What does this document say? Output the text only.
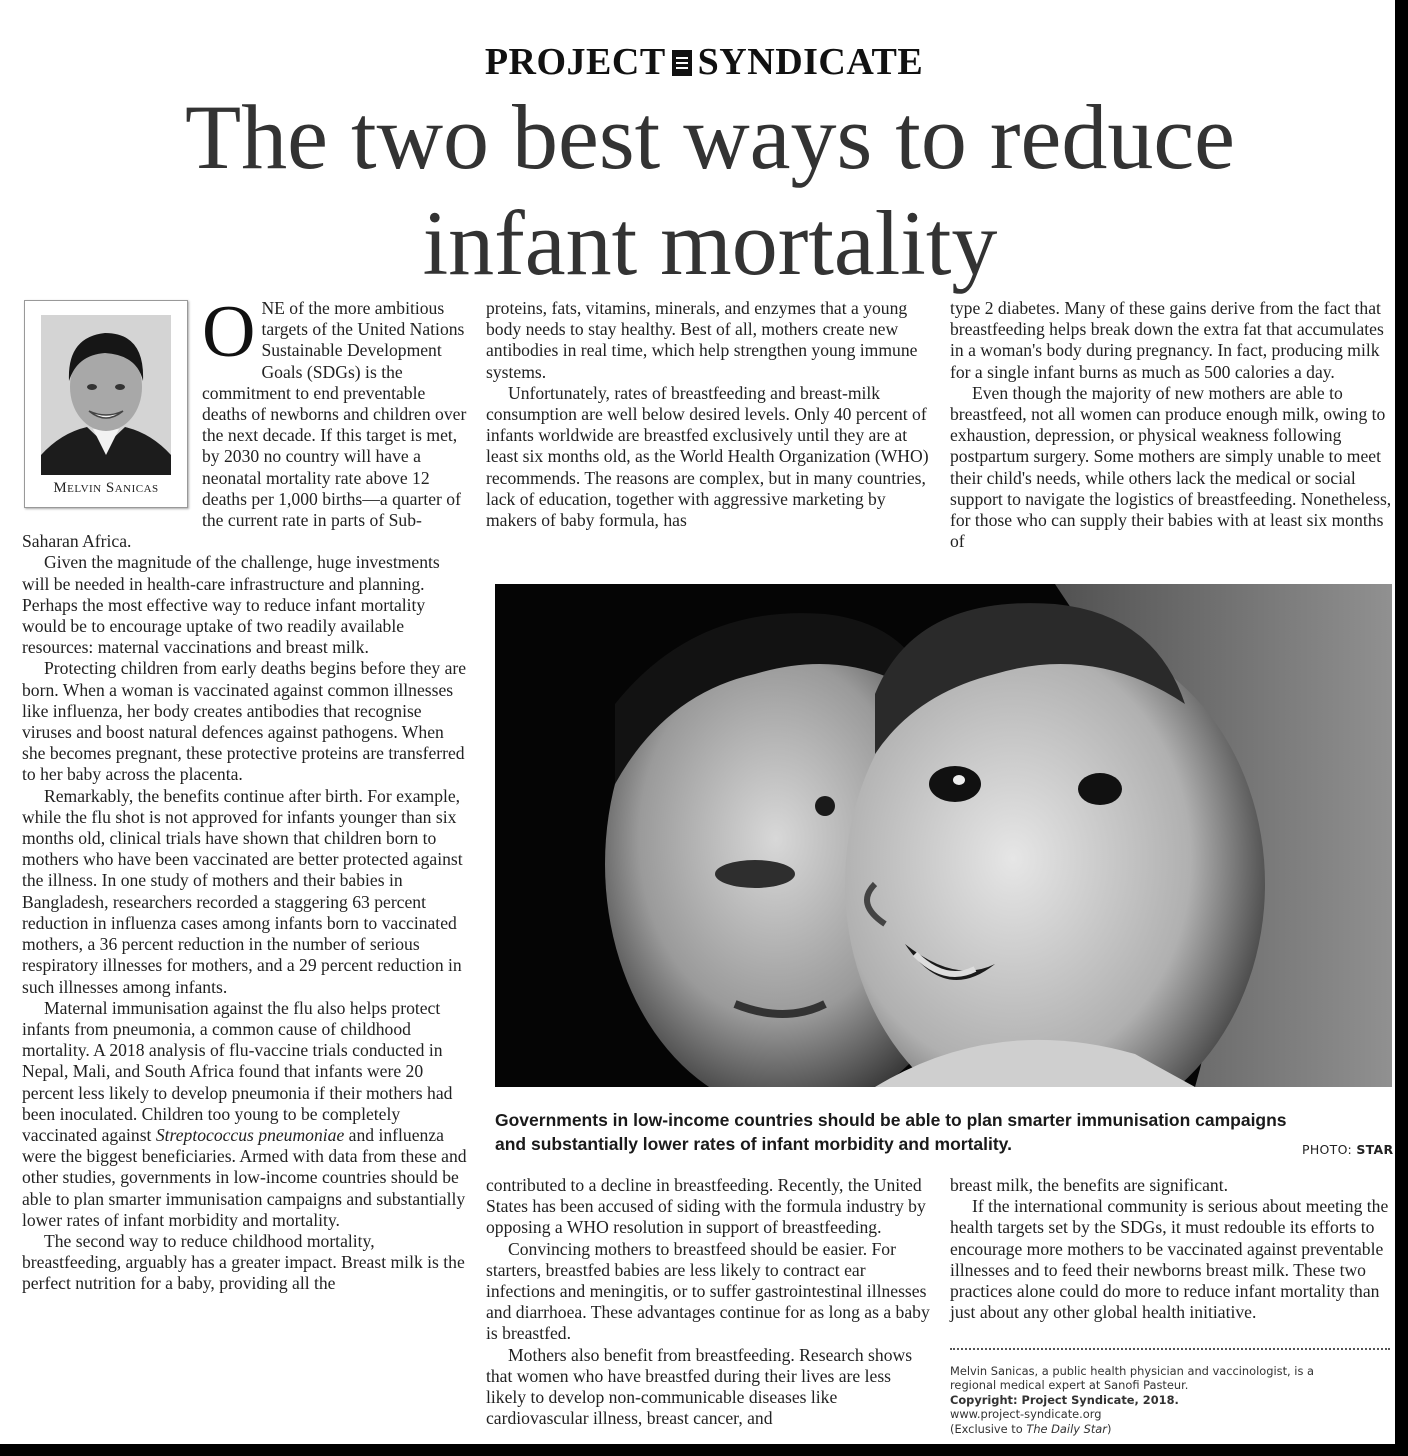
PROJECT SYNDICATE
The two best ways to reduce
infant mortality
Melvin Sanicas
O NE of the more ambitious targets of the United Nations Sustainable Development Goals (SDGs) is the commitment to end preventable deaths of newborns and children over the next decade. If this target is met, by 2030 no country will have a neonatal mortality rate above 12 deaths per 1,000 births—a quarter of the current rate in parts of Sub-Saharan Africa.

Given the magnitude of the challenge, huge investments will be needed in health-care infrastructure and planning. Perhaps the most effective way to reduce infant mortality would be to encourage uptake of two readily available resources: maternal vaccinations and breast milk.

Protecting children from early deaths begins before they are born. When a woman is vaccinated against common illnesses like influenza, her body creates antibodies that recognise viruses and boost natural defences against pathogens. When she becomes pregnant, these protective proteins are transferred to her baby across the placenta.

Remarkably, the benefits continue after birth. For example, while the flu shot is not approved for infants younger than six months old, clinical trials have shown that children born to mothers who have been vaccinated are better protected against the illness. In one study of mothers and their babies in Bangladesh, researchers recorded a staggering 63 percent reduction in influenza cases among infants born to vaccinated mothers, a 36 percent reduction in the number of serious respiratory illnesses for mothers, and a 29 percent reduction in such illnesses among infants.

Maternal immunisation against the flu also helps protect infants from pneumonia, a common cause of childhood mortality. A 2018 analysis of flu-vaccine trials conducted in Nepal, Mali, and South Africa found that infants were 20 percent less likely to develop pneumonia if their mothers had been inoculated. Children too young to be completely vaccinated against Streptococcus pneumoniae and influenza were the biggest beneficiaries. Armed with data from these and other studies, governments in low-income countries should be able to plan smarter immunisation campaigns and substantially lower rates of infant morbidity and mortality.

The second way to reduce childhood mortality, breastfeeding, arguably has a greater impact. Breast milk is the perfect nutrition for a baby, providing all the

proteins, fats, vitamins, minerals, and enzymes that a young body needs to stay healthy. Best of all, mothers create new antibodies in real time, which help strengthen young immune systems.

Unfortunately, rates of breastfeeding and breast-milk consumption are well below desired levels. Only 40 percent of infants worldwide are breastfed exclusively until they are at least six months old, as the World Health Organization (WHO) recommends. The reasons are complex, but in many countries, lack of education, together with aggressive marketing by makers of baby formula, has

type 2 diabetes. Many of these gains derive from the fact that breastfeeding helps break down the extra fat that accumulates in a woman's body during pregnancy. In fact, producing milk for a single infant burns as much as 500 calories a day.

Even though the majority of new mothers are able to breastfeed, not all women can produce enough milk, owing to exhaustion, depression, or physical weakness following postpartum surgery. Some mothers are simply unable to meet their child's needs, while others lack the medical or social support to navigate the logistics of breastfeeding. Nonetheless, for those who can supply their babies with at least six months of

Governments in low-income countries should be able to plan smarter immunisation campaigns and substantially lower rates of infant morbidity and mortality.	PHOTO: STAR

contributed to a decline in breastfeeding. Recently, the United States has been accused of siding with the formula industry by opposing a WHO resolution in support of breastfeeding.

Convincing mothers to breastfeed should be easier. For starters, breastfed babies are less likely to contract ear infections and meningitis, or to suffer gastrointestinal illnesses and diarrhoea. These advantages continue for as long as a baby is breastfed.

Mothers also benefit from breastfeeding. Research shows that women who have breastfed during their lives are less likely to develop non-communicable diseases like cardiovascular illness, breast cancer, and

breast milk, the benefits are significant.

If the international community is serious about meeting the health targets set by the SDGs, it must redouble its efforts to encourage more mothers to be vaccinated against preventable illnesses and to feed their newborns breast milk. These two practices alone could do more to reduce infant mortality than just about any other global health initiative.

Melvin Sanicas, a public health physician and vaccinologist, is a
regional medical expert at Sanofi Pasteur.
Copyright: Project Syndicate, 2018.
www.project-syndicate.org
(Exclusive to The Daily Star)
